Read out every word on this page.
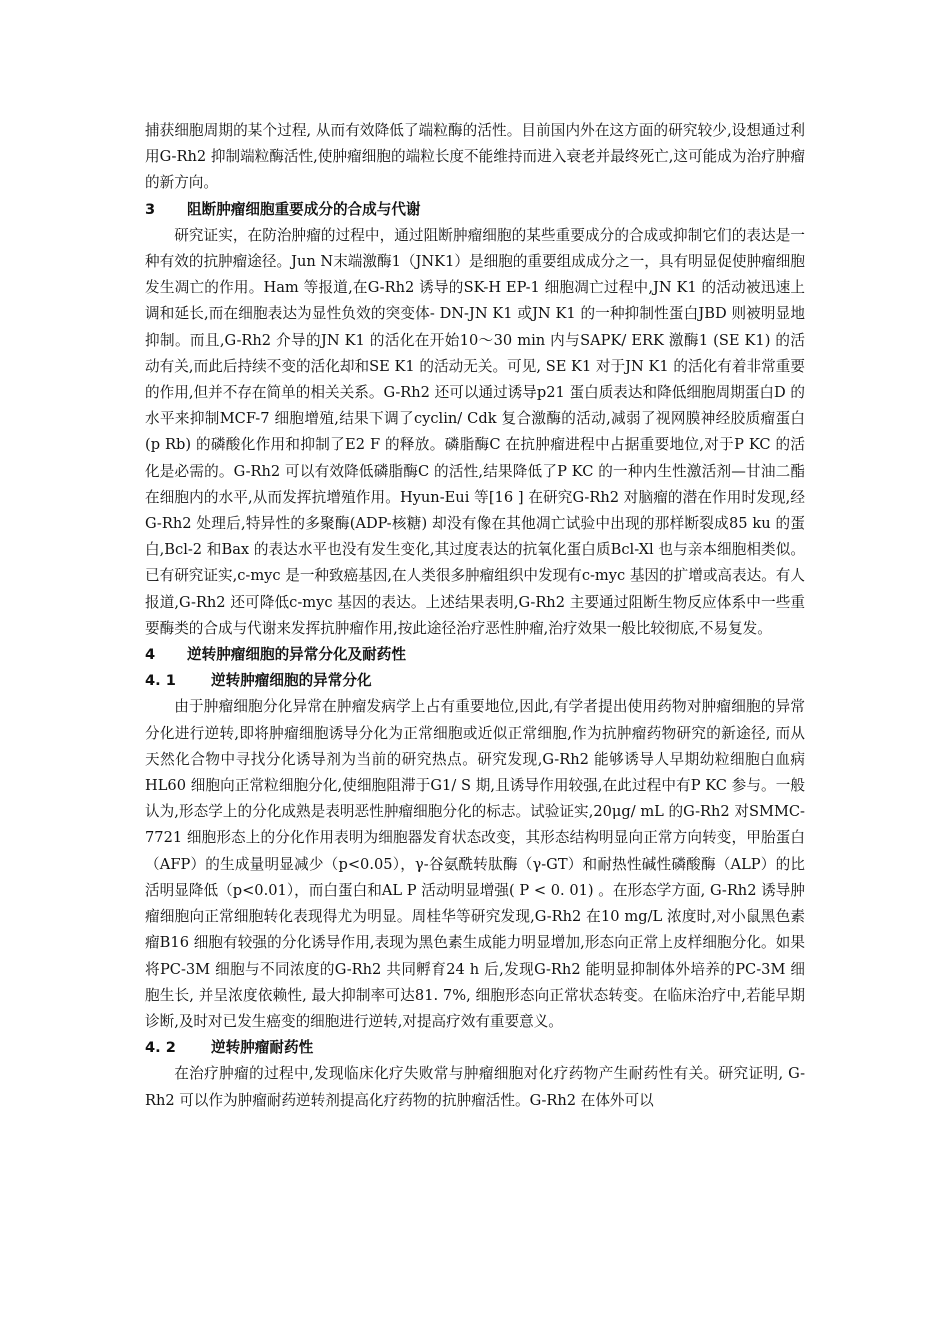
捕获细胞周期的某个过程, 从而有效降低了端粒酶的活性。目前国内外在这方面的研究较少,设想通过利用G-Rh2 抑制端粒酶活性,使肿瘤细胞的端粒长度不能维持而进入衰老并最终死亡,这可能成为治疗肿瘤的新方向。

3 阻断肿瘤细胞重要成分的合成与代谢

研究证实，在防治肿瘤的过程中，通过阻断肿瘤细胞的某些重要成分的合成或抑制它们的表达是一种有效的抗肿瘤途径。Jun N末端激酶1（JNK1）是细胞的重要组成成分之一，具有明显促使肿瘤细胞发生凋亡的作用。Ham 等报道,在G-Rh2 诱导的SK-H EP-1 细胞凋亡过程中,JN K1 的活动被迅速上调和延长,而在细胞表达为显性负效的突变体- DN-JN K1 或JN K1 的一种抑制性蛋白JBD 则被明显地抑制。而且,G-Rh2 介导的JN K1 的活化在开始10～30 min 内与SAPK/ ERK 激酶1 (SE K1) 的活动有关,而此后持续不变的活化却和SE K1 的活动无关。可见, SE K1 对于JN K1 的活化有着非常重要的作用,但并不存在简单的相关关系。G-Rh2 还可以通过诱导p21 蛋白质表达和降低细胞周期蛋白D 的水平来抑制MCF-7 细胞增殖,结果下调了cyclin/ Cdk 复合激酶的活动,减弱了视网膜神经胶质瘤蛋白(p Rb) 的磷酸化作用和抑制了E2 F 的释放。磷脂酶C 在抗肿瘤进程中占据重要地位,对于P KC 的活化是必需的。G-Rh2 可以有效降低磷脂酶C 的活性,结果降低了P KC 的一种内生性激活剂—甘油二酯在细胞内的水平,从而发挥抗增殖作用。Hyun-Eui 等[16 ] 在研究G-Rh2 对脑瘤的潜在作用时发现,经G-Rh2 处理后,特异性的多聚酶(ADP-核糖) 却没有像在其他凋亡试验中出现的那样断裂成85 ku 的蛋白,Bcl-2 和Bax 的表达水平也没有发生变化,其过度表达的抗氧化蛋白质Bcl-Xl 也与亲本细胞相类似。已有研究证实,c-myc 是一种致癌基因,在人类很多肿瘤组织中发现有c-myc 基因的扩增或高表达。有人报道,G-Rh2 还可降低c-myc 基因的表达。上述结果表明,G-Rh2 主要通过阻断生物反应体系中一些重要酶类的合成与代谢来发挥抗肿瘤作用,按此途径治疗恶性肿瘤,治疗效果一般比较彻底,不易复发。

4 逆转肿瘤细胞的异常分化及耐药性

4. 1 逆转肿瘤细胞的异常分化

由于肿瘤细胞分化异常在肿瘤发病学上占有重要地位,因此,有学者提出使用药物对肿瘤细胞的异常分化进行逆转,即将肿瘤细胞诱导分化为正常细胞或近似正常细胞,作为抗肿瘤药物研究的新途径, 而从天然化合物中寻找分化诱导剂为当前的研究热点。研究发现,G-Rh2 能够诱导人早期幼粒细胞白血病HL60 细胞向正常粒细胞分化,使细胞阻滞于G1/ S 期,且诱导作用较强,在此过程中有P KC 参与。一般认为,形态学上的分化成熟是表明恶性肿瘤细胞分化的标志。试验证实,20μg/ mL 的G-Rh2 对SMMC-7721 细胞形态上的分化作用表明为细胞器发育状态改变，其形态结构明显向正常方向转变，甲胎蛋白（AFP）的生成量明显减少（p<0.05），γ-谷氨酰转肽酶（γ-GT）和耐热性碱性磷酸酶（ALP）的比活明显降低（p<0.01），而白蛋白和AL P 活动明显增强( P < 0. 01) 。在形态学方面, G-Rh2 诱导肿瘤细胞向正常细胞转化表现得尤为明显。周桂华等研究发现,G-Rh2 在10 mg/L 浓度时,对小鼠黑色素瘤B16 细胞有较强的分化诱导作用,表现为黑色素生成能力明显增加,形态向正常上皮样细胞分化。如果将PC-3M 细胞与不同浓度的G-Rh2 共同孵育24 h 后,发现G-Rh2 能明显抑制体外培养的PC-3M 细胞生长, 并呈浓度依赖性, 最大抑制率可达81. 7%, 细胞形态向正常状态转变。在临床治疗中,若能早期诊断,及时对已发生癌变的细胞进行逆转,对提高疗效有重要意义。

4. 2 逆转肿瘤耐药性

在治疗肿瘤的过程中,发现临床化疗失败常与肿瘤细胞对化疗药物产生耐药性有关。研究证明, G-Rh2 可以作为肿瘤耐药逆转剂提高化疗药物的抗肿瘤活性。G-Rh2 在体外可以
